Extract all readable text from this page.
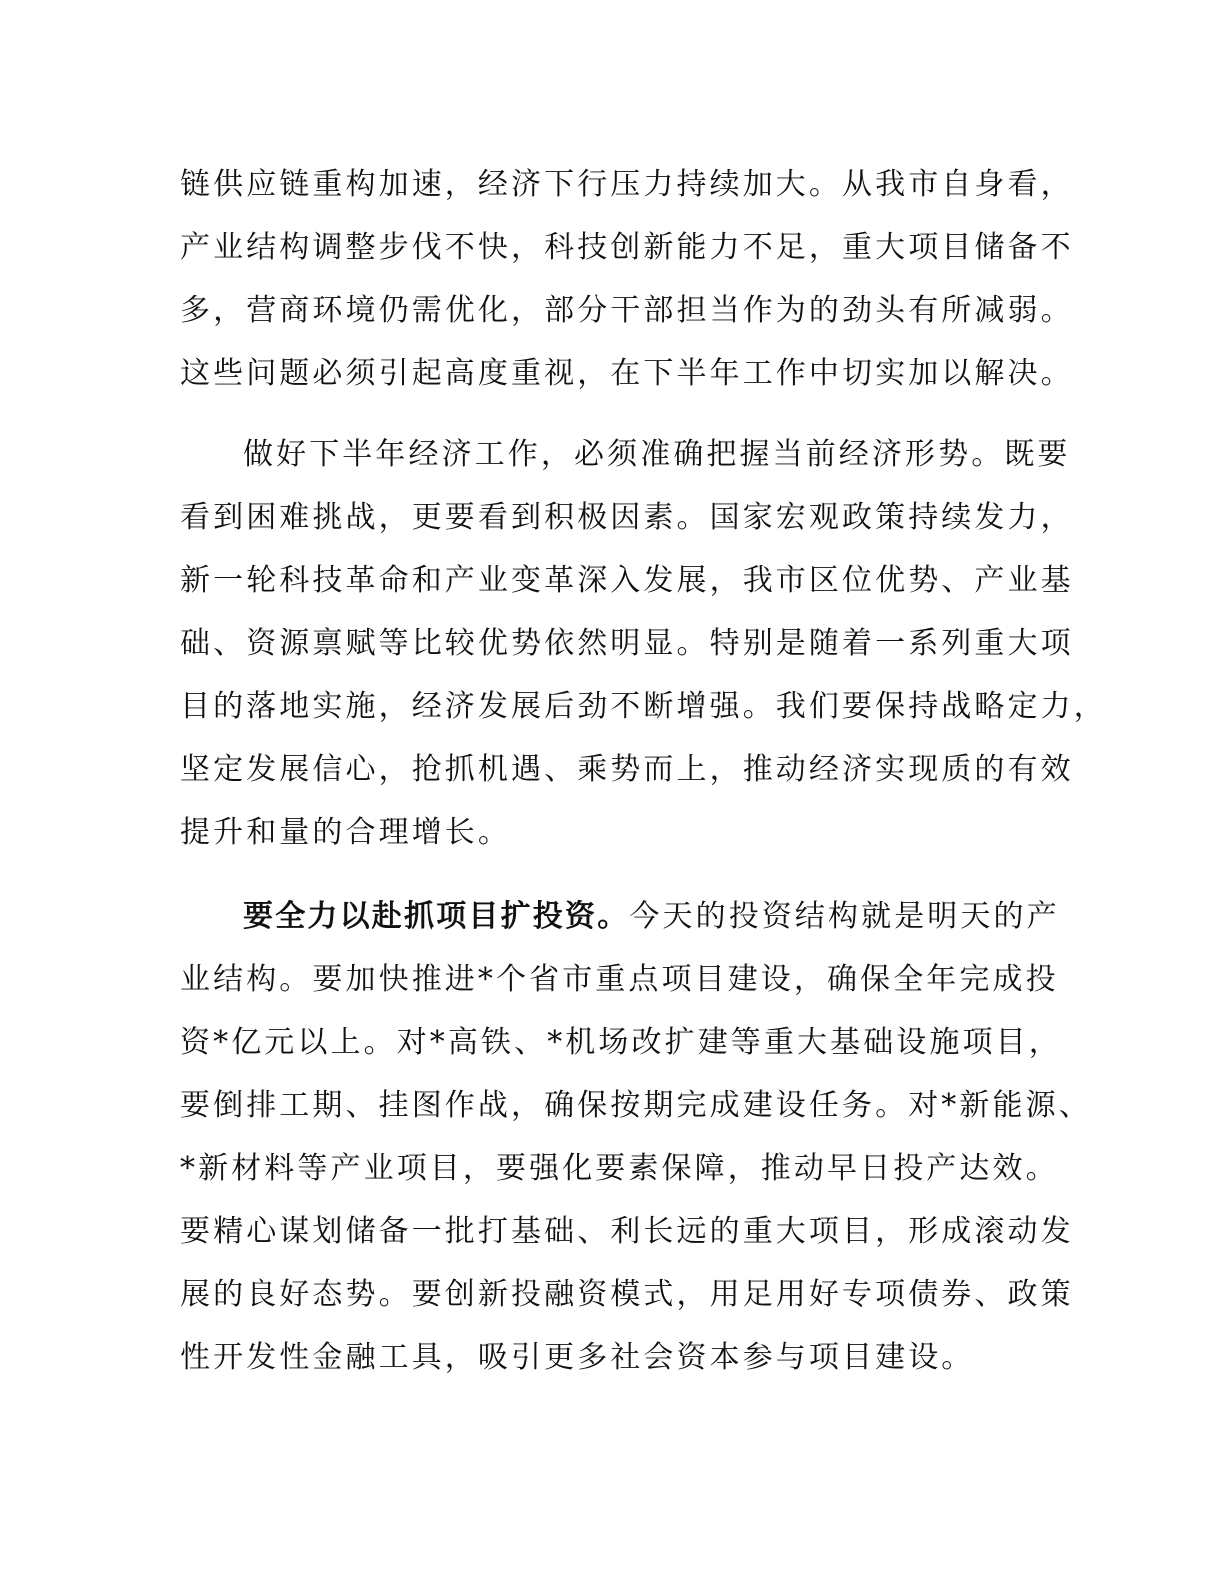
链供应链重构加速，经济下行压力持续加大。从我市自身看，
产业结构调整步伐不快，科技创新能力不足，重大项目储备不
多，营商环境仍需优化，部分干部担当作为的劲头有所减弱。
这些问题必须引起高度重视，在下半年工作中切实加以解决。
做好下半年经济工作，必须准确把握当前经济形势。既要
看到困难挑战，更要看到积极因素。国家宏观政策持续发力，
新一轮科技革命和产业变革深入发展，我市区位优势、产业基
础、资源禀赋等比较优势依然明显。特别是随着一系列重大项
目的落地实施，经济发展后劲不断增强。我们要保持战略定力，
坚定发展信心，抢抓机遇、乘势而上，推动经济实现质的有效
提升和量的合理增长。
要全力以赴抓项目扩投资。今天的投资结构就是明天的产
业结构。要加快推进*个省市重点项目建设，确保全年完成投
资*亿元以上。对*高铁、*机场改扩建等重大基础设施项目，
要倒排工期、挂图作战，确保按期完成建设任务。对*新能源、
*新材料等产业项目，要强化要素保障，推动早日投产达效。
要精心谋划储备一批打基础、利长远的重大项目，形成滚动发
展的良好态势。要创新投融资模式，用足用好专项债券、政策
性开发性金融工具，吸引更多社会资本参与项目建设。
